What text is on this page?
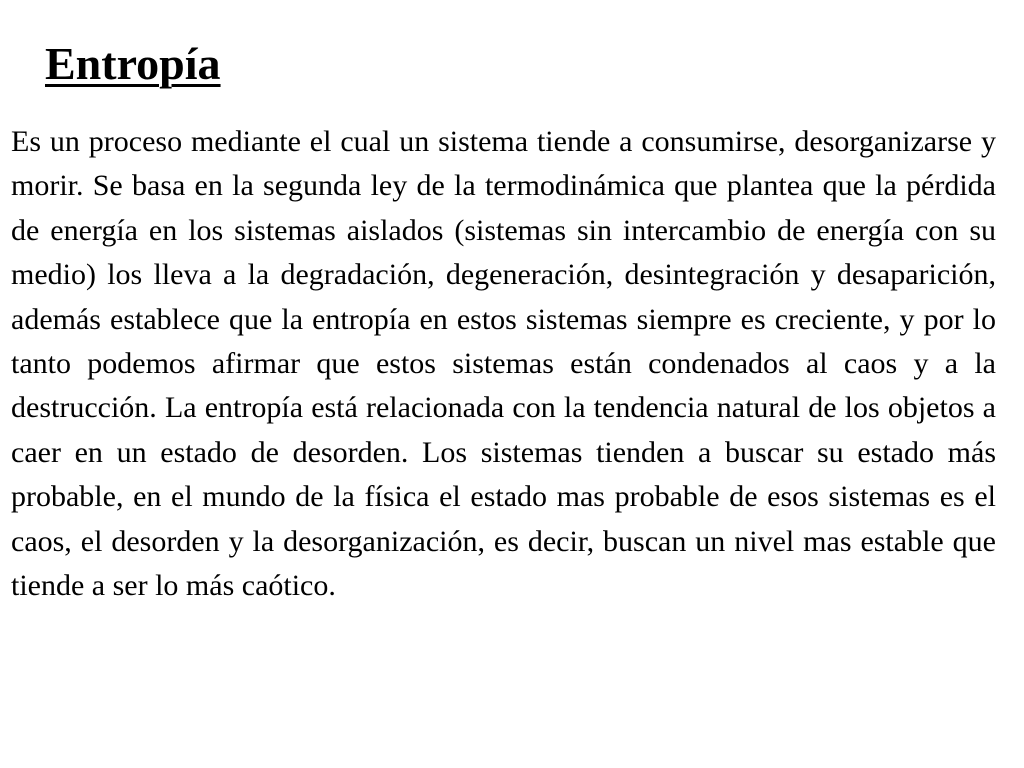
Entropía

Es un proceso mediante el cual un sistema tiende a consumirse, desorganizarse y morir. Se basa en la segunda ley de la termodinámica que plantea que la pérdida de energía en los sistemas aislados (sistemas sin intercambio de energía con su medio) los lleva a la degradación, degeneración, desintegración y desaparición, además establece que la entropía en estos sistemas siempre es creciente, y por lo tanto podemos afirmar que estos sistemas están condenados al caos y a la destrucción. La entropía está relacionada con la tendencia natural de los objetos a caer en un estado de desorden. Los sistemas tienden a buscar su estado más probable, en el mundo de la física el estado mas probable de esos sistemas es el caos, el desorden y la desorganización, es decir, buscan un nivel mas estable que tiende a ser lo más caótico.
